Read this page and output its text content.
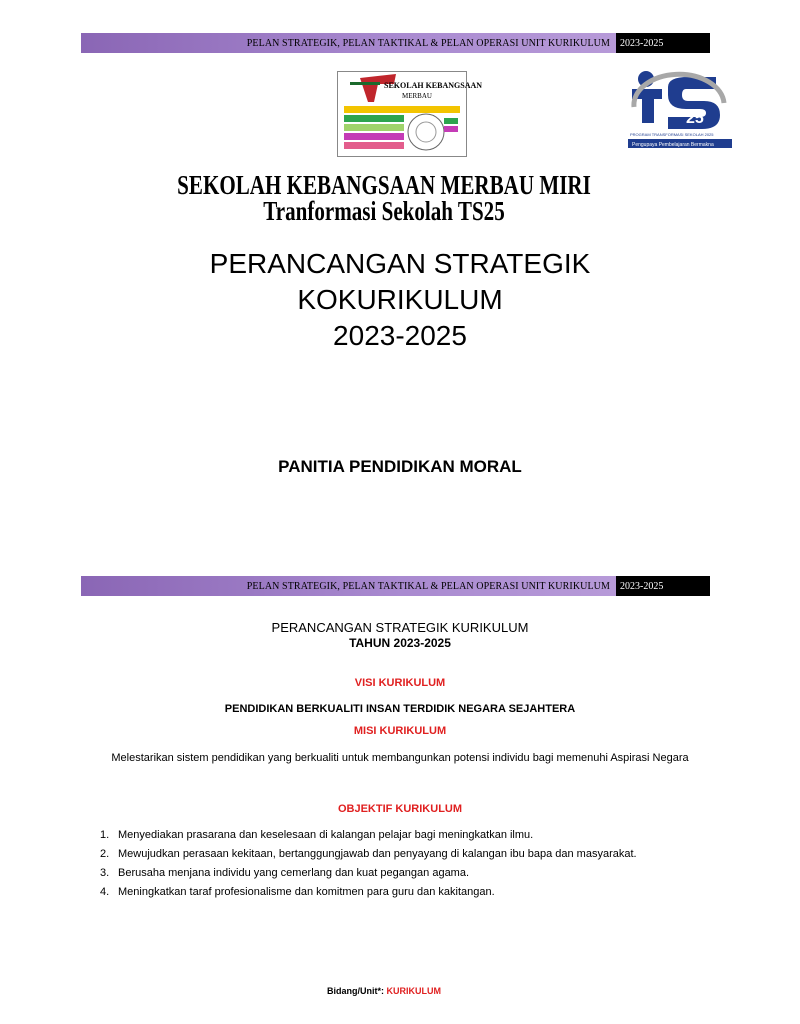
PELAN STRATEGIK, PELAN TAKTIKAL & PELAN OPERASI UNIT KURIKULUM	2023-2025
SEKOLAH KEBANGSAAN
MERBAU
25
PROGRAM TRANSFORMASI SEKOLAH 2025
Pengupaya Pembelajaran Bermakna
SEKOLAH KEBANGSAAN MERBAU MIRI
Tranformasi Sekolah TS25
PERANCANGAN STRATEGIK
KOKURIKULUM
2023-2025
PANITIA PENDIDIKAN MORAL
PELAN STRATEGIK, PELAN TAKTIKAL & PELAN OPERASI UNIT KURIKULUM	2023-2025
PERANCANGAN STRATEGIK KURIKULUM
TAHUN 2023-2025
VISI KURIKULUM
PENDIDIKAN BERKUALITI INSAN TERDIDIK NEGARA SEJAHTERA
MISI KURIKULUM
Melestarikan sistem pendidikan yang berkualiti untuk membangunkan potensi individu bagi memenuhi Aspirasi Negara
OBJEKTIF KURIKULUM
1. Menyediakan prasarana dan keselesaan di kalangan pelajar bagi meningkatkan ilmu.
2. Mewujudkan perasaan kekitaan, bertanggungjawab dan penyayang di kalangan ibu bapa dan masyarakat.
3. Berusaha menjana individu yang cemerlang dan kuat pegangan agama.
4. Meningkatkan taraf profesionalisme dan komitmen para guru dan kakitangan.
Bidang/Unit*: KURIKULUM
